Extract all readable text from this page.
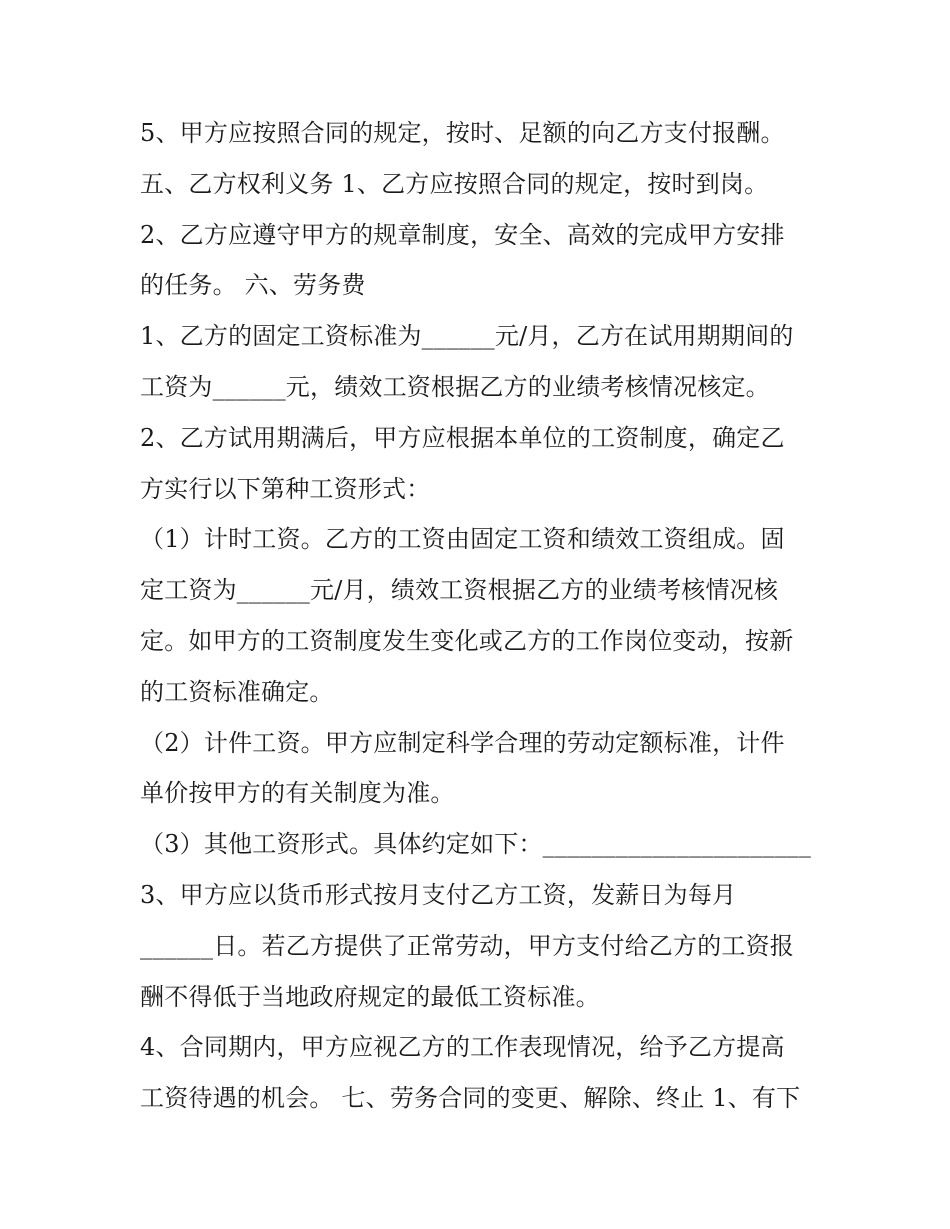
5、甲方应按照合同的规定，按时、足额的向乙方支付报酬。
五、乙方权利义务 1、乙方应按照合同的规定，按时到岗。
2、乙方应遵守甲方的规章制度，安全、高效的完成甲方安排
的任务。 六、劳务费
1、乙方的固定工资标准为______元/月，乙方在试用期期间的
工资为______元，绩效工资根据乙方的业绩考核情况核定。
2、乙方试用期满后，甲方应根据本单位的工资制度，确定乙
方实行以下第种工资形式：
（1）计时工资。乙方的工资由固定工资和绩效工资组成。固
定工资为______元/月，绩效工资根据乙方的业绩考核情况核
定。如甲方的工资制度发生变化或乙方的工作岗位变动，按新
的工资标准确定。
（2）计件工资。甲方应制定科学合理的劳动定额标准，计件
单价按甲方的有关制度为准。
（3）其他工资形式。具体约定如下：______________________
3、甲方应以货币形式按月支付乙方工资，发薪日为每月
______日。若乙方提供了正常劳动，甲方支付给乙方的工资报
酬不得低于当地政府规定的最低工资标准。
4、合同期内，甲方应视乙方的工作表现情况，给予乙方提高
工资待遇的机会。 七、劳务合同的变更、解除、终止 1、有下
